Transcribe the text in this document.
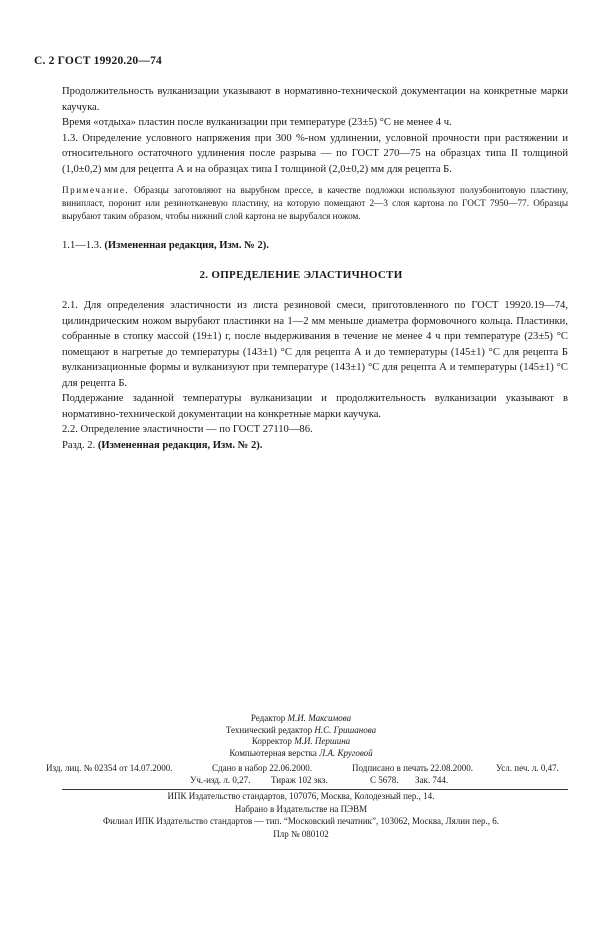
С. 2 ГОСТ 19920.20—74

Продолжительность вулканизации указывают в нормативно-технической документации на конкретные марки каучука.

Время «отдыха» пластин после вулканизации при температуре (23±5) °С не менее 4 ч.

1.3. Определение условного напряжения при 300 %-ном удлинении, условной прочности при растяжении и относительного остаточного удлинения после разрыва — по ГОСТ 270—75 на образцах типа II толщиной (1,0±0,2) мм для рецепта А и на образцах типа I толщиной (2,0±0,2) мм для рецепта Б.

Примечание. Образцы заготовляют на вырубном прессе, в качестве подложки используют полуэбонитовую пластину, винипласт, поронит или резинотканевую пластину, на которую помещают 2—3 слоя картона по ГОСТ 7950—77. Образцы вырубают таким образом, чтобы нижний слой картона не вырубался ножом.
1.1—1.3. (Измененная редакция, Изм. № 2).
2. ОПРЕДЕЛЕНИЕ ЭЛАСТИЧНОСТИ

2.1. Для определения эластичности из листа резиновой смеси, приготовленного по ГОСТ 19920.19—74, цилиндрическим ножом вырубают пластинки на 1—2 мм меньше диаметра формовочного кольца. Пластинки, собранные в стопку массой (19±1) г, после выдерживания в течение не менее 4 ч при температуре (23±5) °С помещают в нагретые до температуры (143±1) °С для рецепта А и до температуры (145±1) °С для рецепта Б вулканизационные формы и вулканизуют при температуре (143±1) °С для рецепта А и температуры (145±1) °С для рецепта Б.

Поддержание заданной температуры вулканизации и продолжительность вулканизации указывают в нормативно-технической документации на конкретные марки каучука.

2.2. Определение эластичности — по ГОСТ 27110—86.

Разд. 2. (Измененная редакция, Изм. № 2).

Редактор М.И. Максимова
Технический редактор Н.С. Гришанова
Корректор М.И. Першина
Компьютерная верстка Л.А. Круговой
Изд. лиц. № 02354 от 14.07.2000.	Сдано в набор 22.06.2000.	Подписано в печать 22.08.2000.	Усл. печ. л. 0,47.
Уч.-изд. л. 0,27. Тираж 102 экз.	С 5678. Зак. 744.
ИПК Издательство стандартов, 107076, Москва, Колодезный пер., 14.
Набрано в Издательстве на ПЭВМ
Филиал ИПК Издательство стандартов — тип. “Московский печатник”, 103062, Москва, Лялин пер., 6.
Плр № 080102
